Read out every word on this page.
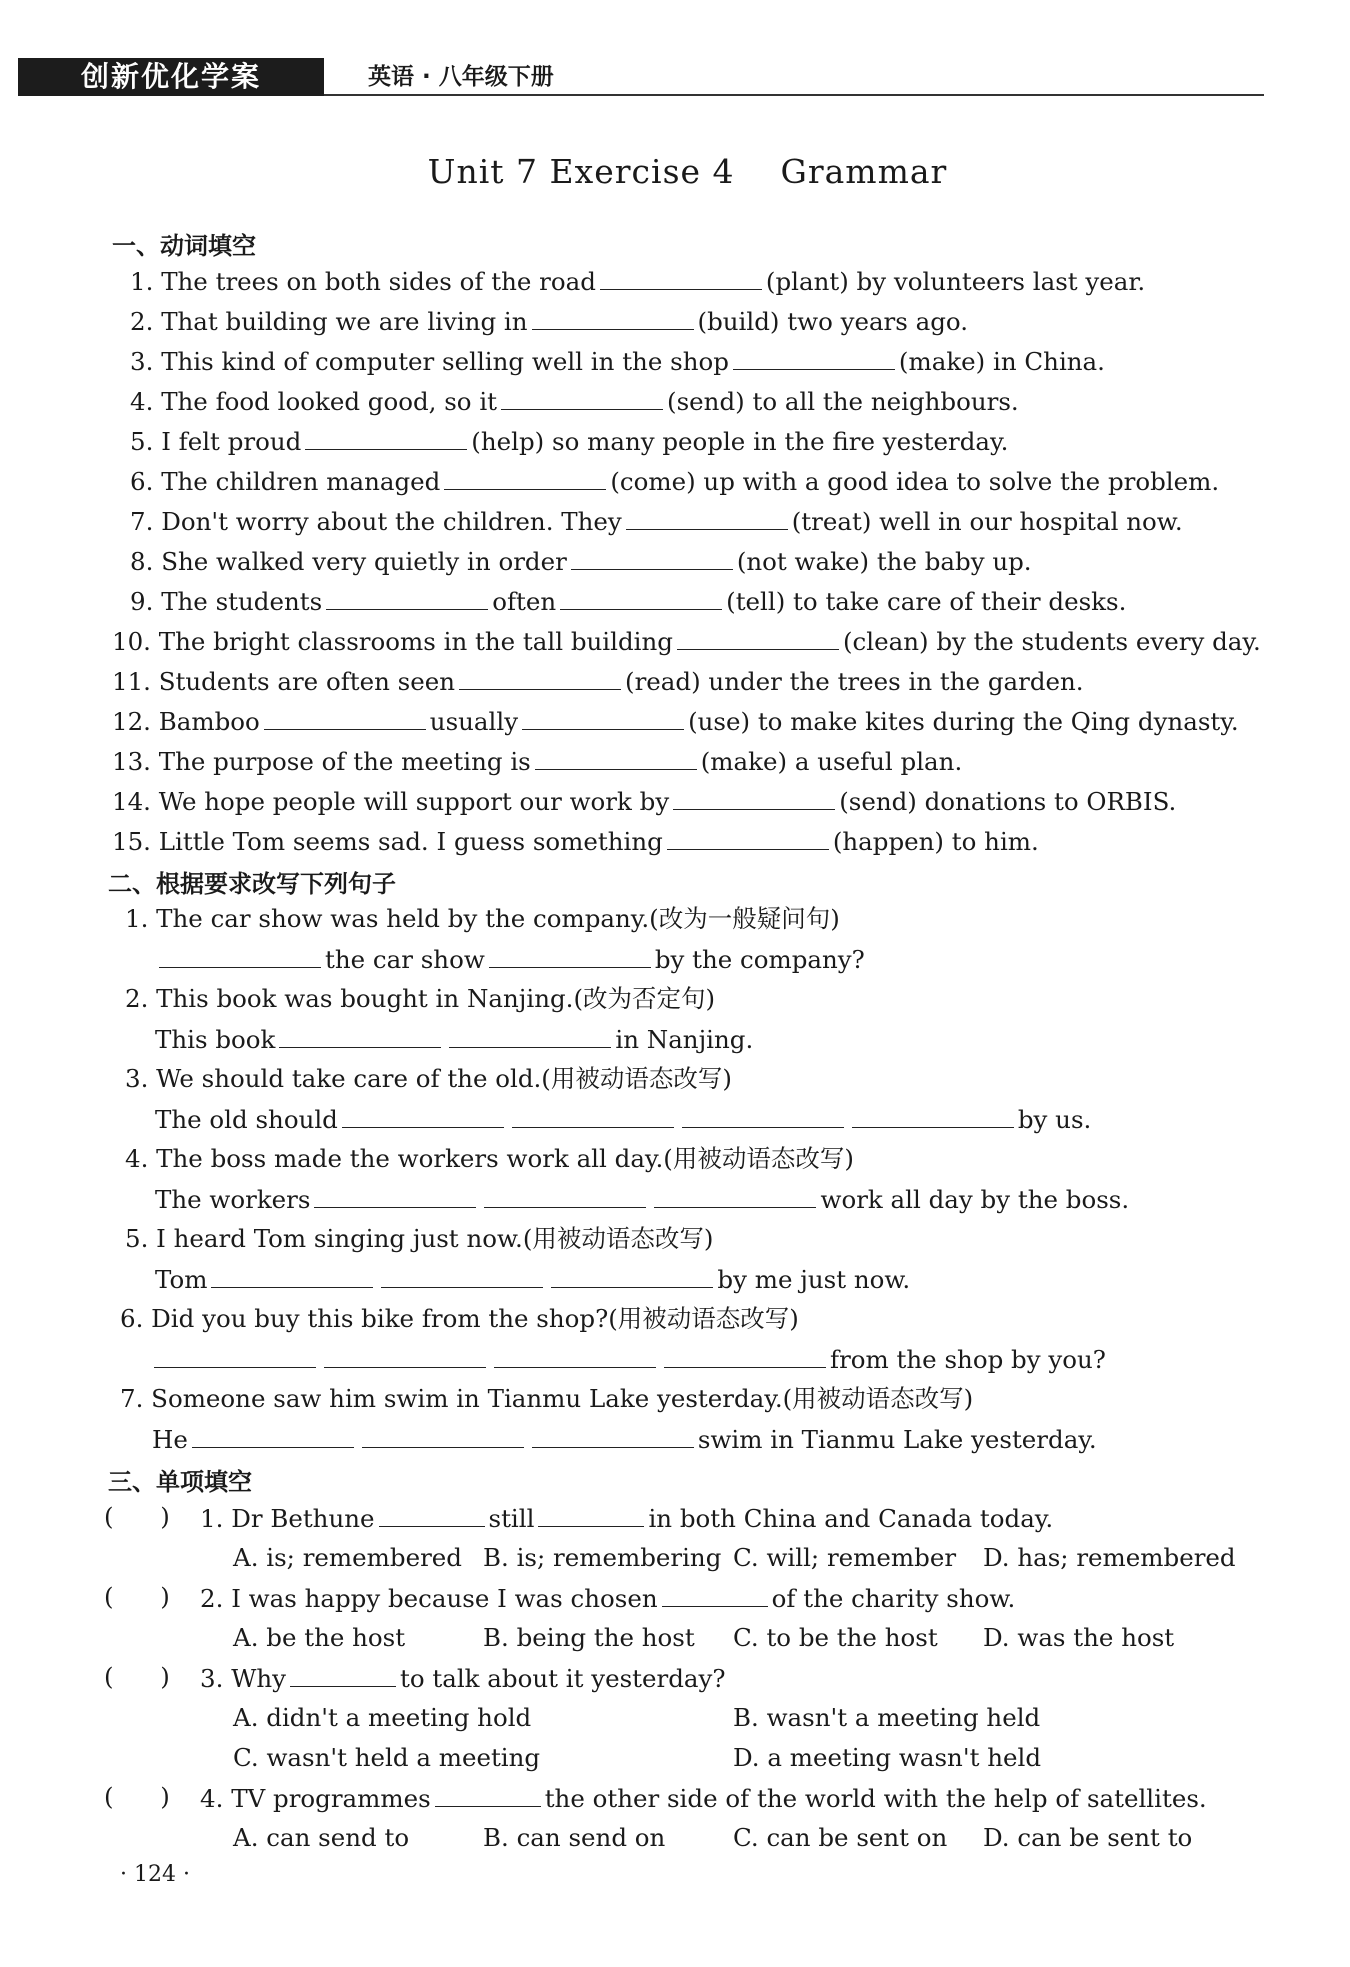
创新优化学案	英语 · 八年级下册
Unit 7 Exercise 4    Grammar
一、动词填空
1. The trees on both sides of the road	(plant) by volunteers last year.
2. That building we are living in	(build) two years ago.
3. This kind of computer selling well in the shop	(make) in China.
4. The food looked good, so it	(send) to all the neighbours.
5. I felt proud	(help) so many people in the fire yesterday.
6. The children managed	(come) up with a good idea to solve the problem.
7. Don't worry about the children. They	(treat) well in our hospital now.
8. She walked very quietly in order	(not wake) the baby up.
9. The students	often	(tell) to take care of their desks.
10. The bright classrooms in the tall building	(clean) by the students every day.
11. Students are often seen	(read) under the trees in the garden.
12. Bamboo	usually	(use) to make kites during the Qing dynasty.
13. The purpose of the meeting is	(make) a useful plan.
14. We hope people will support our work by	(send) donations to ORBIS.
15. Little Tom seems sad. I guess something	(happen) to him.
二、根据要求改写下列句子
1. The car show was held by the company.(改为一般疑问句)
the car show	by the company?
2. This book was bought in Nanjing.(改为否定句)
This book	in Nanjing.
3. We should take care of the old.(用被动语态改写)
The old should	by us.
4. The boss made the workers work all day.(用被动语态改写)
The workers	work all day by the boss.
5. I heard Tom singing just now.(用被动语态改写)
Tom	by me just now.
6. Did you buy this bike from the shop?(用被动语态改写)
from the shop by you?
7. Someone saw him swim in Tianmu Lake yesterday.(用被动语态改写)
He	swim in Tianmu Lake yesterday.
三、单项填空
(      ) 1. Dr Bethune	still	in both China and Canada today.
A. is; remembered B. is; remembering C. will; remember D. has; remembered
(      ) 2. I was happy because I was chosen	of the charity show.
A. be the host	B. being the host C. to be the host D. was the host
(      ) 3. Why	to talk about it yesterday?
A. didn't a meeting hold	B. wasn't a meeting held
C. wasn't held a meeting	D. a meeting wasn't held
(      ) 4. TV programmes	the other side of the world with the help of satellites.
A. can send to	B. can send on	C. can be sent on D. can be sent to
· 124 ·
